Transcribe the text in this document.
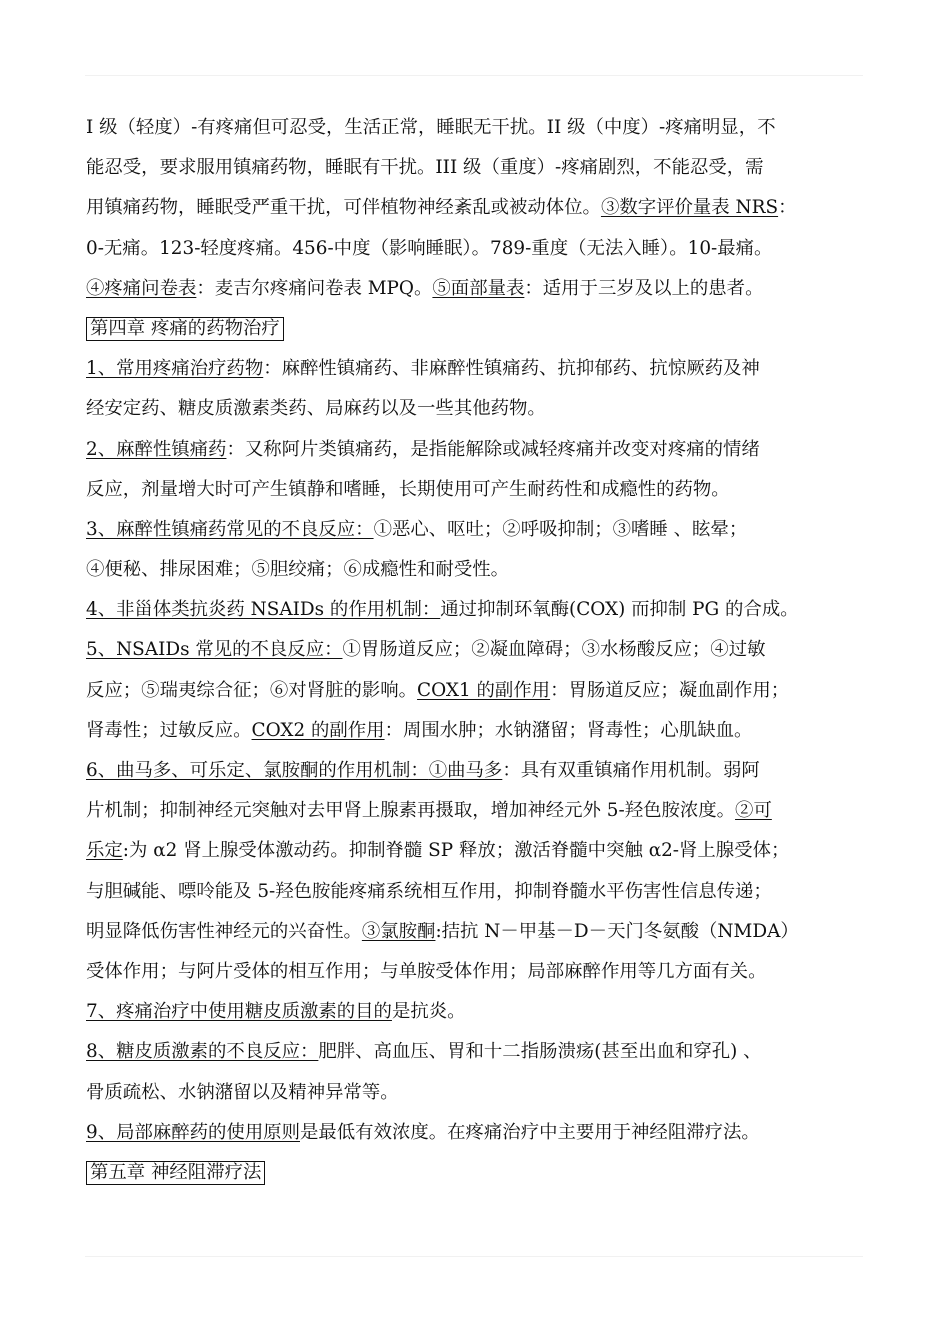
I 级（轻度）-有疼痛但可忍受，生活正常，睡眠无干扰。II 级（中度）-疼痛明显，不
能忍受，要求服用镇痛药物，睡眠有干扰。III 级（重度）-疼痛剧烈，不能忍受，需
用镇痛药物，睡眠受严重干扰，可伴植物神经紊乱或被动体位。③数字评价量表 NRS：
0-无痛。123-轻度疼痛。456-中度（影响睡眠）。789-重度（无法入睡）。10-最痛。
④疼痛问卷表：麦吉尔疼痛问卷表 MPQ。⑤面部量表：适用于三岁及以上的患者。
第四章 疼痛的药物治疗
1、常用疼痛治疗药物：麻醉性镇痛药、非麻醉性镇痛药、抗抑郁药、抗惊厥药及神
经安定药、糖皮质激素类药、局麻药以及一些其他药物。
2、麻醉性镇痛药：又称阿片类镇痛药，是指能解除或减轻疼痛并改变对疼痛的情绪
反应，剂量增大时可产生镇静和嗜睡，长期使用可产生耐药性和成瘾性的药物。
3、麻醉性镇痛药常见的不良反应：①恶心、呕吐；②呼吸抑制；③嗜睡 、眩晕；
④便秘、排尿困难；⑤胆绞痛；⑥成瘾性和耐受性。
4、非甾体类抗炎药 NSAIDs 的作用机制：通过抑制环氧酶(COX) 而抑制 PG 的合成。
5、NSAIDs 常见的不良反应：①胃肠道反应；②凝血障碍；③水杨酸反应；④过敏
反应；⑤瑞夷综合征；⑥对肾脏的影响。COX1 的副作用：胃肠道反应；凝血副作用；
肾毒性；过敏反应。COX2 的副作用：周围水肿；水钠潴留；肾毒性；心肌缺血。
6、曲马多、可乐定、氯胺酮的作用机制：①曲马多：具有双重镇痛作用机制。弱阿
片机制；抑制神经元突触对去甲肾上腺素再摄取，增加神经元外 5-羟色胺浓度。②可
乐定:为 α2 肾上腺受体激动药。抑制脊髓 SP 释放；激活脊髓中突触 α2-肾上腺受体；
与胆碱能、嘌呤能及 5-羟色胺能疼痛系统相互作用，抑制脊髓水平伤害性信息传递；
明显降低伤害性神经元的兴奋性。③氯胺酮:拮抗 N－甲基－D－天门冬氨酸（NMDA）
受体作用；与阿片受体的相互作用；与单胺受体作用；局部麻醉作用等几方面有关。
7、疼痛治疗中使用糖皮质激素的目的是抗炎。
8、糖皮质激素的不良反应：肥胖、高血压、胃和十二指肠溃疡(甚至出血和穿孔) 、
骨质疏松、水钠潴留以及精神异常等。
9、局部麻醉药的使用原则是最低有效浓度。在疼痛治疗中主要用于神经阻滞疗法。
第五章 神经阻滞疗法
